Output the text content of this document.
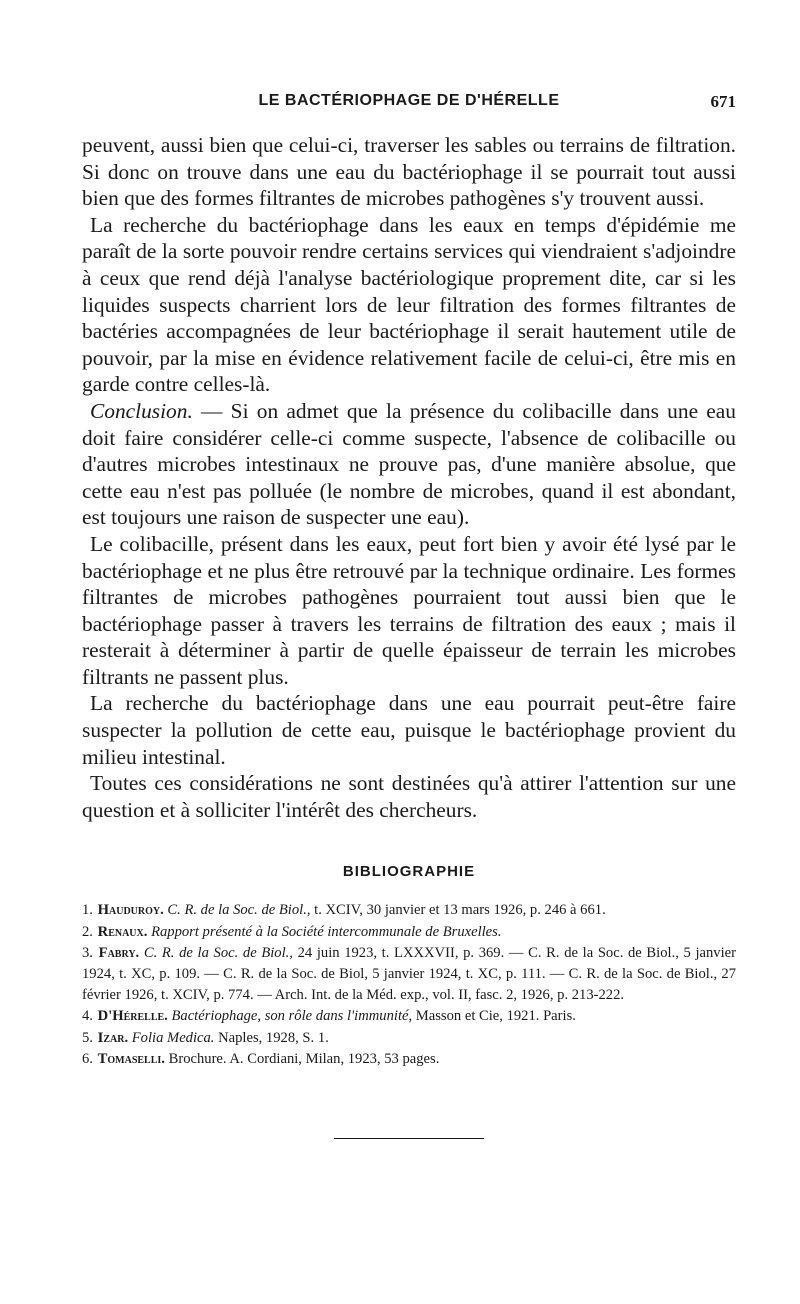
LE BACTÉRIOPHAGE DE D'HÉRELLE	671

peuvent, aussi bien que celui-ci, traverser les sables ou terrains de filtration. Si donc on trouve dans une eau du bactériophage il se pourrait tout aussi bien que des formes filtrantes de microbes pathogènes s'y trouvent aussi.

La recherche du bactériophage dans les eaux en temps d'épidémie me paraît de la sorte pouvoir rendre certains services qui viendraient s'adjoindre à ceux que rend déjà l'analyse bactériologique proprement dite, car si les liquides suspects charrient lors de leur filtration des formes filtrantes de bactéries accompagnées de leur bactériophage il serait hautement utile de pouvoir, par la mise en évidence relativement facile de celui-ci, être mis en garde contre celles-là.

Conclusion. — Si on admet que la présence du colibacille dans une eau doit faire considérer celle-ci comme suspecte, l'absence de colibacille ou d'autres microbes intestinaux ne prouve pas, d'une manière absolue, que cette eau n'est pas polluée (le nombre de microbes, quand il est abondant, est toujours une raison de suspecter une eau).

Le colibacille, présent dans les eaux, peut fort bien y avoir été lysé par le bactériophage et ne plus être retrouvé par la technique ordinaire. Les formes filtrantes de microbes pathogènes pourraient tout aussi bien que le bactériophage passer à travers les terrains de filtration des eaux ; mais il resterait à déterminer à partir de quelle épaisseur de terrain les microbes filtrants ne passent plus.

La recherche du bactériophage dans une eau pourrait peut-être faire suspecter la pollution de cette eau, puisque le bactériophage provient du milieu intestinal.

Toutes ces considérations ne sont destinées qu'à attirer l'attention sur une question et à solliciter l'intérêt des chercheurs.

BIBLIOGRAPHIE

1. Hauduroy. C. R. de la Soc. de Biol., t. XCIV, 30 janvier et 13 mars 1926, p. 246 à 661.

2. Renaux. Rapport présenté à la Société intercommunale de Bruxelles.

3. Fabry. C. R. de la Soc. de Biol., 24 juin 1923, t. LXXXVII, p. 369. — C. R. de la Soc. de Biol., 5 janvier 1924, t. XC, p. 109. — C. R. de la Soc. de Biol, 5 janvier 1924, t. XC, p. 111. — C. R. de la Soc. de Biol., 27 février 1926, t. XCIV, p. 774. — Arch. Int. de la Méd. exp., vol. II, fasc. 2, 1926, p. 213-222.

4. D'Hérelle. Bactériophage, son rôle dans l'immunité, Masson et Cie, 1921. Paris.

5. Izar. Folia Medica. Naples, 1928, S. 1.

6. Tomaselli. Brochure. A. Cordiani, Milan, 1923, 53 pages.
